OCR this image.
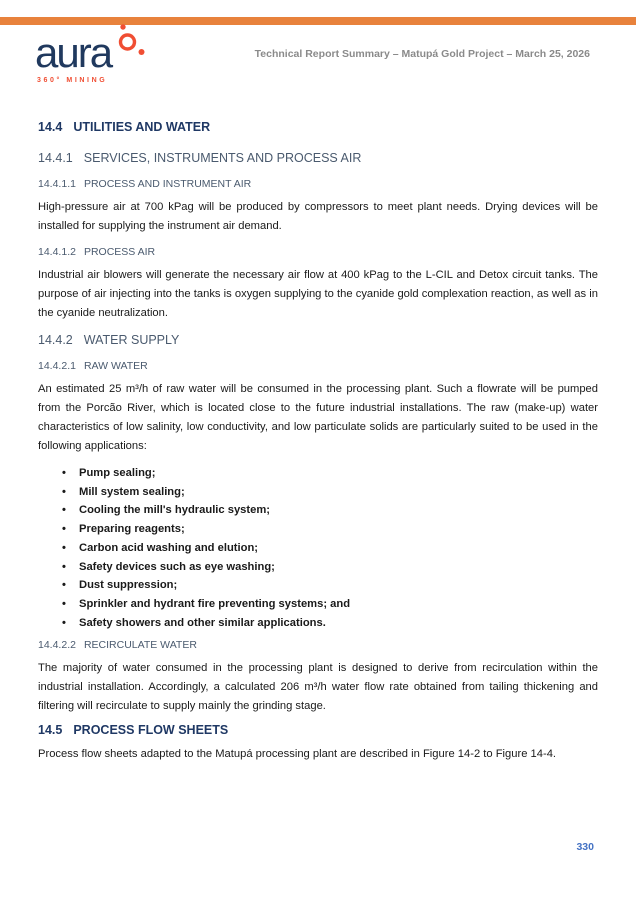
aura
360° MINING
Technical Report Summary – Matupá Gold Project – March 25, 2026
14.4 UTILITIES AND WATER
14.4.1 SERVICES, INSTRUMENTS AND PROCESS AIR
14.4.1.1 PROCESS AND INSTRUMENT AIR

High-pressure air at 700 kPag will be produced by compressors to meet plant needs. Drying devices will be installed for supplying the instrument air demand.

14.4.1.2 PROCESS AIR

Industrial air blowers will generate the necessary air flow at 400 kPag to the L-CIL and Detox circuit tanks. The purpose of air injecting into the tanks is oxygen supplying to the cyanide gold complexation reaction, as well as in the cyanide neutralization.

14.4.2 WATER SUPPLY
14.4.2.1 RAW WATER

An estimated 25 m³/h of raw water will be consumed in the processing plant. Such a flowrate will be pumped from the Porcão River, which is located close to the future industrial installations. The raw (make-up) water characteristics of low salinity, low conductivity, and low particulate solids are particularly suited to be used in the following applications:

• Pump sealing;
• Mill system sealing;
• Cooling the mill's hydraulic system;
• Preparing reagents;
• Carbon acid washing and elution;
• Safety devices such as eye washing;
• Dust suppression;
• Sprinkler and hydrant fire preventing systems; and
• Safety showers and other similar applications.
14.4.2.2 RECIRCULATE WATER

The majority of water consumed in the processing plant is designed to derive from recirculation within the industrial installation. Accordingly, a calculated 206 m³/h water flow rate obtained from tailing thickening and filtering will recirculate to supply mainly the grinding stage.

14.5 PROCESS FLOW SHEETS

Process flow sheets adapted to the Matupá processing plant are described in Figure 14-2 to Figure 14-4.

330
